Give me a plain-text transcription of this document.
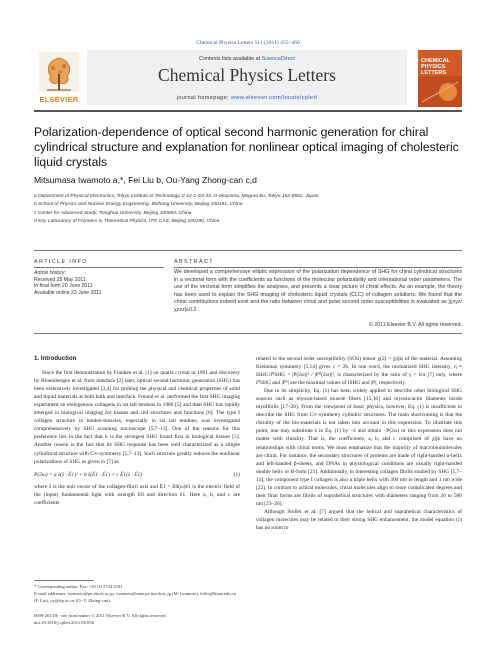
Chemical Physics Letters 511 (2011) 455–460
ELSEVIER
Contents lists available at ScienceDirect
Chemical Physics Letters
journal homepage: www.elsevier.com/locate/cplett
CHEMICAL PHYSICS LETTERS
Polarization-dependence of optical second harmonic generation for chiral cylindrical structure and explanation for nonlinear optical imaging of cholesteric liquid crystals
Mitsumasa Iwamoto a,*, Fei Liu b, Ou-Yang Zhong-can c,d
a Department of Physical Electronics, Tokyo Institute of Technology, 2-12-1-S3-33, O-okayama, Meguro-ku, Tokyo 152-8552, Japan
b School of Physics and Nuclear Energy Engineering, Beihang University, Beijing 100191, China
c Center for Advanced Study, Tsinghua University, Beijing 100084, China
d Key Laboratory of Frontiers in Theoretical Physics, ITP, CAS, Beijing 100190, China
ARTICLE INFO	ABSTRACT
Article history:
Received 25 May 2011
In final form 20 June 2011
Available online 23 June 2011
We developed a comprehensive elliptic expression of the polarization dependence of SHG for chiral cylindrical structures in a vectorial form with the coefficients as functions of the molecular polarizability and orientational order parameters. The use of the vectorial form simplifies the analyses, and presents a clear picture of chiral effects. As an example, the theory has been used to explain the SHG imaging of cholesteric liquid crystals (CLC) of collagen solutions. We found that the chiral contributions indeed exist and the ratio between chiral and polar second order susceptibilities is evaluated as |χxyz/χzzz|≤0.2.
© 2011 Elsevier B.V. All rights reserved.

1. Introduction

Since the first demonstration by Franken et al. [1] on quartz crystal in 1961 and discovery by Bloembergen et al. from interface [2] later, optical second harmonic generation (SHG) has been extensively investigated [3,4] for probing the physical and chemical properties of solid and liquid materials at both bulk and interface. Freund et al. performed the first SHG imaging experiment on endogenous collagens in rat tail tendons in 1986 [5] and then SHG has rapidly emerged in biological imaging for tissues and cell structures and functions [6]. The type I collagen structure in tendon-muscles, especially in rat tail tendons, was investigated comprehensively by SHG scanning microscope [5,7–13]. One of the reasons for this preference lies in the fact that it is the strongest SHG found first in biological tissues [5]. Another reason is the fact that its SHG response has been well characterized as a simple cylindrical structure with C∞-symmetry [5,7–13]. Such structure greatly reduces the nonlinear polarizations of SHG as given in [7] as

P(2ω) = a s̄(s̄ · Ē1)² + b s̄(Ē1 · Ē1) + c Ē1(s̄ · Ē1)	(1)

where s̄ is the unit vector of the collagen-fibril axis and Ē1 = E0(ω)ê1 is the electric field of the (input) fundamental light with strength E0 and direction ê1. Here a, b, and c are coefficients

related to the second order susceptibility (SOS) tensor χ(2) = |χijk| of the material. Assuming Kleinman symmetry [5,14] gives c = 2b. In one word, the normalized SHG intensity, η ≡ ISHG/I⁰SHG = |P(2ω)|² / |P⁰(2ω)|², is characterized by the ratio of γ = b/a [7] only, where I⁰SHG and |P⁰| are the maximal values of ISHG and |P|, respectively.

Due to its simplicity, Eq. (1) has been widely applied to describe other biological SHG sources such as myosin-based muscle fibers [15,16] and myosin/actin filaments inside myofibrils [17–20]. From the viewpoint of basic physics, however, Eq. (1) is insufficient to describe the SHG from C∞-symmetry cylindric structures. The main shortcoming is that the chirality of the bio-materials is not taken into account in this expression. To illustrate this point, one may substitute s̄ in Eq. (1) by −s̄ and obtain −P(2ω) or this expression does not matter with chirality. That is, the coefficients, a, b, and c comprised of χijk have no relationships with chiral terms. We must emphasize that the majority of macrobiomolecules are chiral. For instance, the secondary structures of proteins are made of right-handed α-helix and left-handed β-sheets, and DNAs in physiological conditions are usually right-handed double helix or B-form [21]. Additionally, in interesting collagen fibrils studied by SHG [5,7–13], the component type I collagen is also a triple helix with 300 nm in length and 1 nm wide [22]. In contrast to achiral molecules, chiral molecules align to more complicated degrees and their final forms are fibrils of suprahelical structures with diameters ranging from 20 to 500 nm [23–26].

Although Stoller et al. [7] argued that the helical and suprahelical characteristics of collagen molecules may be related to their strong SHG enhancement, the model equation (1) has no room to

* Corresponding author. Fax: +81 03 5734 2191.
E-mail addresses: iwamoto@pe.titech.ac.jp, iwamoto@ome.pe.titech.ac.jp (M. Iwamoto), feiliu@buaa.edu.cn (F. Liu), oy@itp.ac.cn (O.-Y. Zhong-can).
0009-2614/$ - see front matter © 2011 Elsevier B.V. All rights reserved.
doi:10.1016/j.cplett.2011.06.056
